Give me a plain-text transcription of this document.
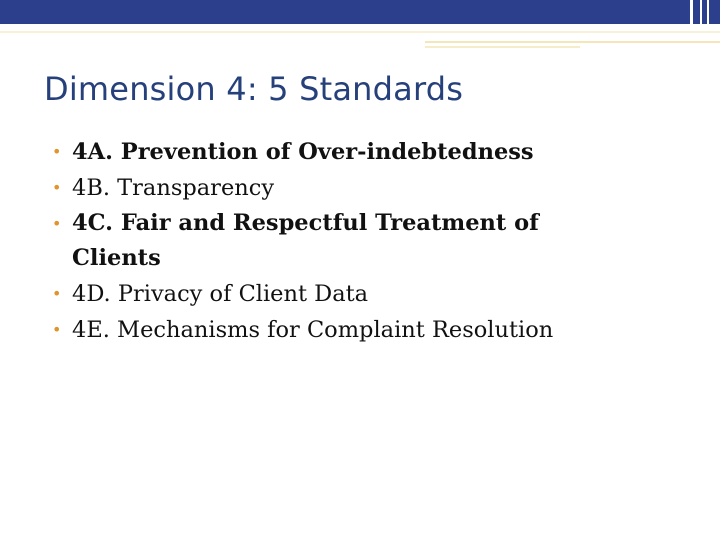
Dimension 4: 5 Standards
• 4A. Prevention of Over-indebtedness
• 4B. Transparency
• 4C. Fair and Respectful Treatment of Clients
• 4D. Privacy of Client Data
• 4E. Mechanisms for Complaint Resolution
